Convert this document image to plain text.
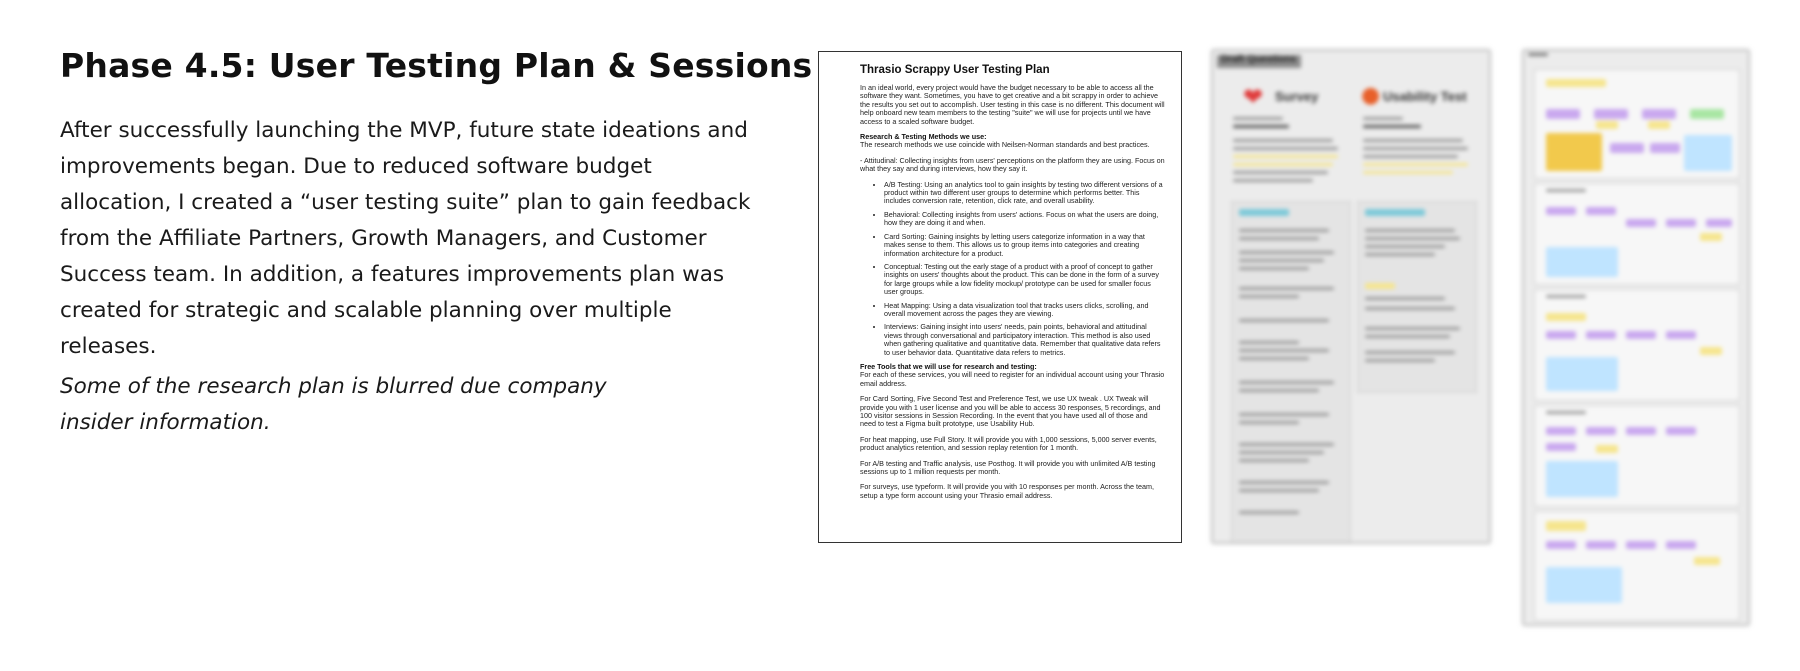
Phase 4.5: User Testing Plan & Sessions

After successfully launching the MVP, future state ideations and improvements began. Due to reduced software budget allocation, I created a “user testing suite” plan to gain feedback from the Affiliate Partners, Growth Managers, and Customer Success team. In addition, a features improvements plan was created for strategic and scalable planning over multiple releases.

Some of the research plan is blurred due company insider information.

Thrasio Scrappy User Testing Plan

In an ideal world, every project would have the budget necessary to be able to access all the software they want. Sometimes, you have to get creative and a bit scrappy in order to achieve the results you set out to accomplish. User testing in this case is no different. This document will help onboard new team members to the testing "suite" we will use for projects until we have access to a scaled software budget.

Research & Testing Methods we use:

The research methods we use coincide with Neilsen-Norman standards and best practices.

- Attitudinal: Collecting insights from users' perceptions on the platform they are using. Focus on what they say and during interviews, how they say it.

• A/B Testing: Using an analytics tool to gain insights by testing two different versions of a product within two different user groups to determine which performs better. This includes conversion rate, retention, click rate, and overall usability.
• Behavioral: Collecting insights from users' actions. Focus on what the users are doing, how they are doing it and when.
• Card Sorting: Gaining insights by letting users categorize information in a way that makes sense to them. This allows us to group items into categories and creating information architecture for a product.
• Conceptual: Testing out the early stage of a product with a proof of concept to gather insights on users' thoughts about the product. This can be done in the form of a survey for large groups while a low fidelity mockup/ prototype can be used for smaller focus user groups.
• Heat Mapping: Using a data visualization tool that tracks users clicks, scrolling, and overall movement across the pages they are viewing.
• Interviews: Gaining insight into users' needs, pain points, behavioral and attitudinal views through conversational and participatory interaction. This method is also used when gathering qualitative and quantitative data. Remember that qualitative data refers to user behavior data. Quantitative data refers to metrics.

Free Tools that we will use for research and testing:

For each of these services, you will need to register for an individual account using your Thrasio email address.

For Card Sorting, Five Second Test and Preference Test, we use UX tweak . UX Tweak will provide you with 1 user license and you will be able to access 30 responses, 5 recordings, and 100 visitor sessions in Session Recording. In the event that you have used all of those and need to test a Figma built prototype, use Usability Hub.

For heat mapping, use Full Story. It will provide you with 1,000 sessions, 5,000 server events, product analytics retention, and session replay retention for 1 month.

For A/B testing and Traffic analysis, use Posthog. It will provide you with unlimited A/B testing sessions up to 1 million requests per month.

For surveys, use typeform. It will provide you with 10 responses per month. Across the team, setup a type form account using your Thrasio email address.

Draft Questions
❤ Survey ● Usability Test
